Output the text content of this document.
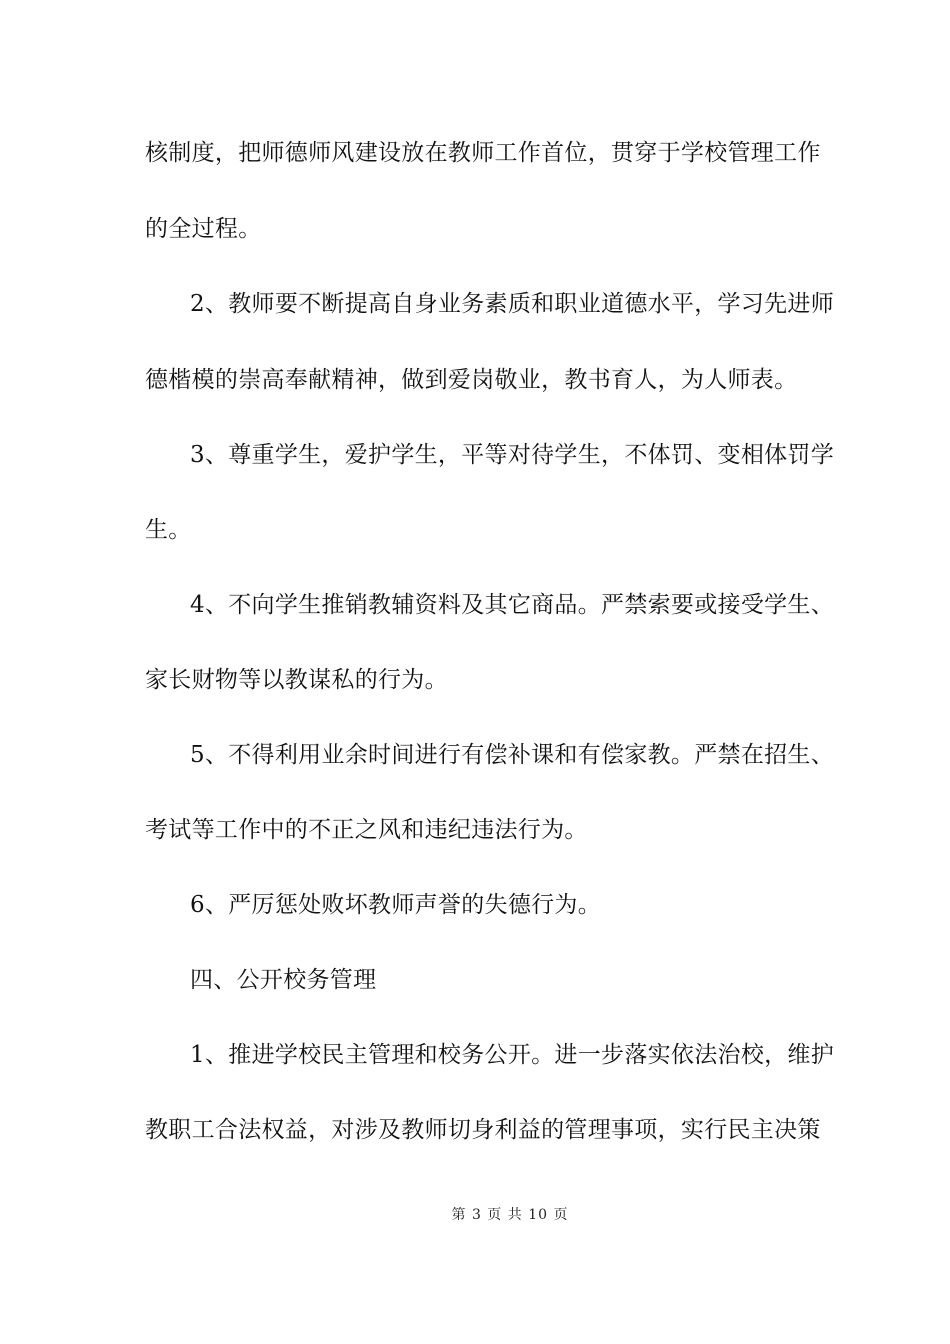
核制度，把师德师风建设放在教师工作首位，贯穿于学校管理工作
的全过程。
2、教师要不断提高自身业务素质和职业道德水平，学习先进师
德楷模的崇高奉献精神，做到爱岗敬业，教书育人，为人师表。
3、尊重学生，爱护学生，平等对待学生，不体罚、变相体罚学
生。
4、不向学生推销教辅资料及其它商品。严禁索要或接受学生、
家长财物等以教谋私的行为。
5、不得利用业余时间进行有偿补课和有偿家教。严禁在招生、
考试等工作中的不正之风和违纪违法行为。
6、严厉惩处败坏教师声誉的失德行为。
四、公开校务管理
1、推进学校民主管理和校务公开。进一步落实依法治校，维护
教职工合法权益，对涉及教师切身利益的管理事项，实行民主决策
第 3 页 共 10 页
